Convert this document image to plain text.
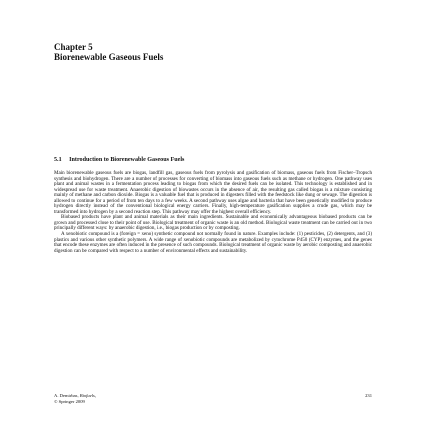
Chapter 5
Biorenewable Gaseous Fuels
5.1 Introduction to Biorenewable Gaseous Fuels

Main biorenewable gaseous fuels are biogas, landfill gas, gaseous fuels from pyrolysis and gasification of biomass, gaseous fuels from Fischer–Tropsch synthesis and biohydrogen. There are a number of processes for converting of biomass into gaseous fuels such as methane or hydrogen. One pathway uses plant and animal wastes in a fermentation process leading to biogas from which the desired fuels can be isolated. This technology is established and in widespread use for waste treatment. Anaerobic digestion of biowastes occurs in the absence of air, the resulting gas called biogas is a mixture consisting mainly of methane and carbon dioxide. Biogas is a valuable fuel that is produced in digesters filled with the feedstock like dung or sewage. The digestion is allowed to continue for a period of from ten days to a few weeks. A second pathway uses algae and bacteria that have been genetically modified to produce hydrogen directly instead of the conventional biological energy carriers. Finally, high-temperature gasification supplies a crude gas, which may be transformed into hydrogen by a second reaction step. This pathway may offer the highest overall efficiency.

Biobased products have plant and animal materials as their main ingredients. Sustainable and economically advantageous biobased products can be grown and processed close to their point of use. Biological treatment of organic waste is an old method. Biological waste treatment can be carried out in two principally different ways: by anaerobic digestion, i.e., biogas production or by composting.

A xenobiotic compound is a (foreign = xeno) synthetic compound not normally found in nature. Examples include: (1) pesticides, (2) detergents, and (3) plastics and various other synthetic polymers. A wide range of xenobiotic compounds are metabolized by cytochrome P450 (CYP) enzymes, and the genes that encode these enzymes are often induced in the presence of such compounds. Biological treatment of organic waste by aerobic composting and anaerobic digestion can be compared with respect to a number of environmental effects and sustainability.

A. Demirbas, Biofuels,
© Springer 2009
231
